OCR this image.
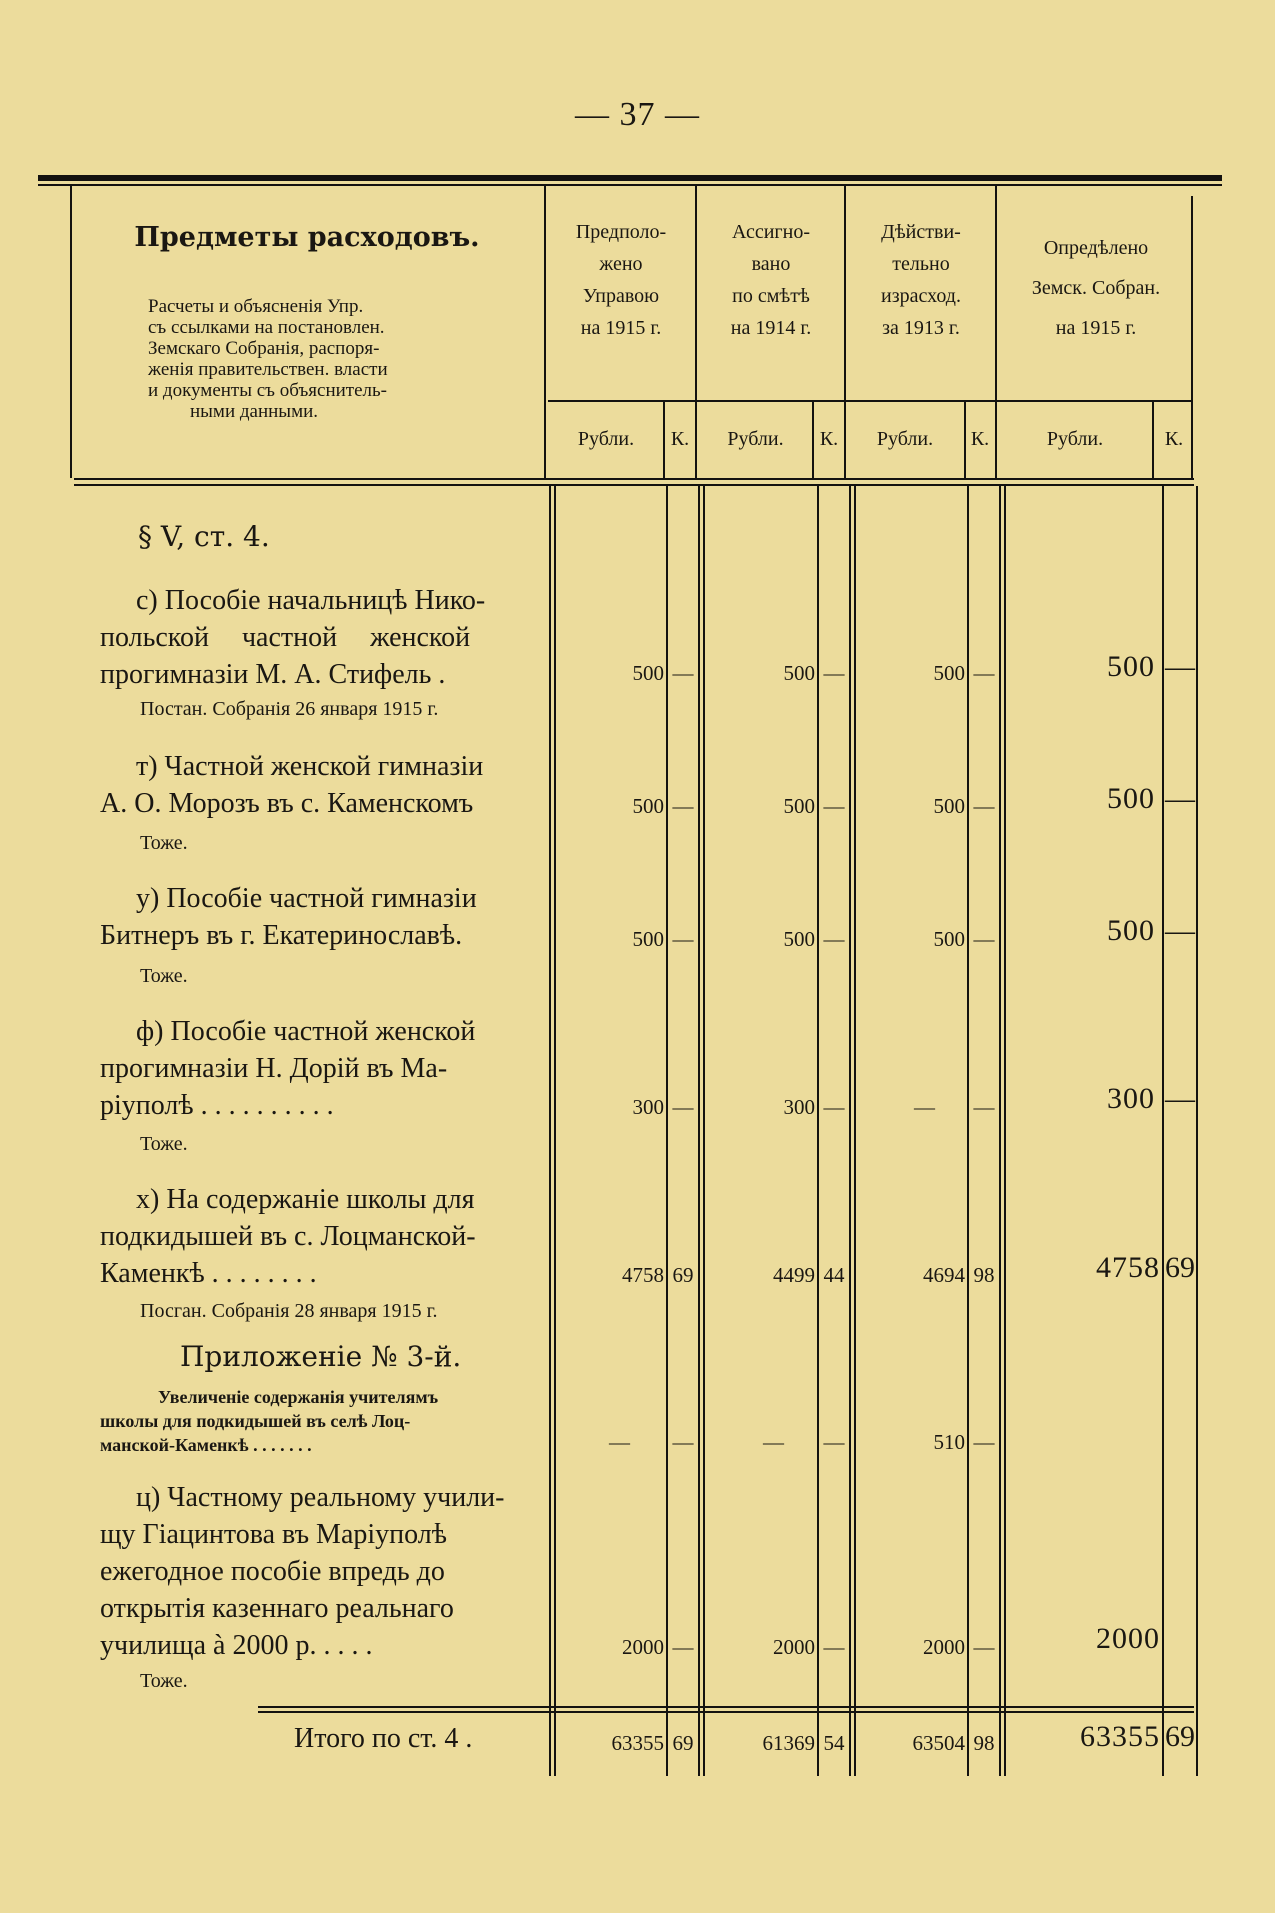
— 37 —
Предметы расходовъ.
Расчеты и объясненія Упр.
съ ссылками на постановлен.
Земскаго Собранія, распоря-
женія правительствен. власти
и документы съ объяснитель-
ными данными.
Предполо-
жено
Управою
на 1915 г.
Ассигно-
вано
по смѣтѣ
на 1914 г.
Дѣйстви-
тельно
израсход.
за 1913 г.
Опредѣлено
Земск. Собран.
на 1915 г.
Рубли.	К.	Рубли.	К.	Рубли.	К.	Рубли.	К.
§ V, ст. 4.
с) Пособіе начальницѣ Нико-
польской частной женской
прогимназіи М. А. Стифель .
Постан. Собранія 26 января 1915 г.
500 —	500 —	500 —	500 —
т) Частной женской гимназіи
А. О. Морозъ въ с. Каменскомъ
Тоже.
500 —	500 —	500 —	500 —
у) Пособіе частной гимназіи
Битнеръ въ г. Екатеринославѣ.
Тоже.
500 —	500 —	500 —	500 —
ф) Пособіе частной женской
прогимназіи Н. Дорій въ Ма-
ріуполѣ . . . . . . . . . .
Тоже.
300 —	300 —	— —	300 —
х) На содержаніе школы для
подкидышей въ с. Лоцманской-
Каменкѣ . . . . . . . .
Посган. Собранія 28 января 1915 г.
4758 69	4499 44	4694 98	4758 69
Приложеніе № 3-й.
Увеличеніе содержанія учителямъ
школы для подкидышей въ селѣ Лоц-
манской-Каменкѣ . . . . . . .	— —	— —	510 —
ц) Частному реальному учили-
щу Гіацинтова въ Маріуполѣ
ежегодное пособіе впредь до
открытія казеннаго реальнаго
училища à 2000 р. . . . .
Тоже.
2000 —	2000 —	2000 —	2000
Итого по ст. 4 .	63355 69	61369 54	63504 98	63355 69
